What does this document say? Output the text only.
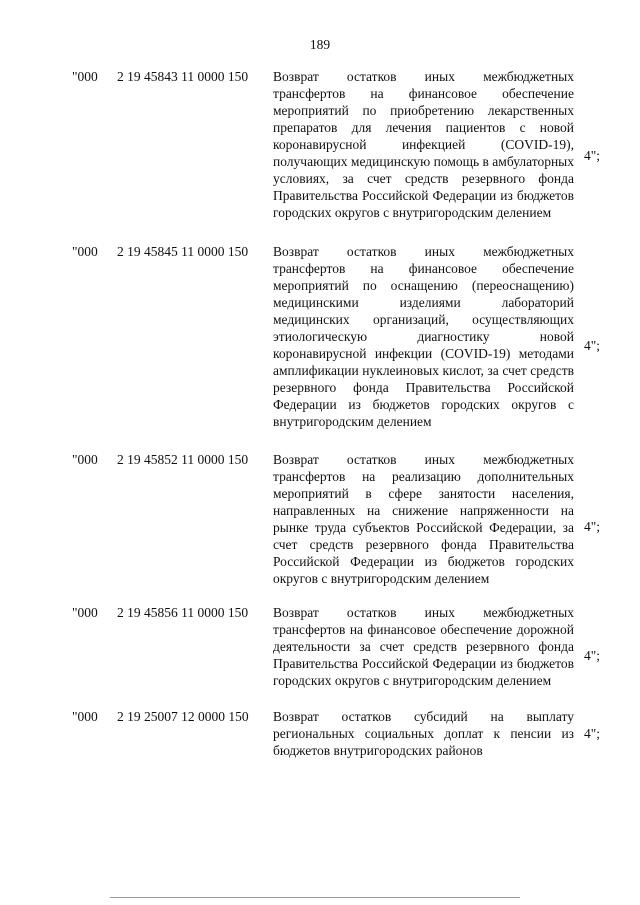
189
"000 2 19 45843 11 0000 150 Возврат остатков иных межбюджетных трансфертов на финансовое обеспечение мероприятий по приобретению лекарственных препаратов для лечения пациентов с новой коронавирусной инфекцией (COVID-19), получающих медицинскую помощь в амбулаторных условиях, за счет средств резервного фонда Правительства Российской Федерации из бюджетов городских округов с внутригородским делением
4";
"000 2 19 45845 11 0000 150 Возврат остатков иных межбюджетных трансфертов на финансовое обеспечение мероприятий по оснащению (переоснащению) медицинскими изделиями лабораторий медицинских организаций, осуществляющих этиологическую диагностику новой коронавирусной инфекции (COVID-19) методами амплификации нуклеиновых кислот, за счет средств резервного фонда Правительства Российской Федерации из бюджетов городских округов с внутригородским делением
4";
"000 2 19 45852 11 0000 150 Возврат остатков иных межбюджетных трансфертов на реализацию дополнительных мероприятий в сфере занятости населения, направленных на снижение напряженности на рынке труда субъектов Российской Федерации, за счет средств резервного фонда Правительства Российской Федерации из бюджетов городских округов с внутригородским делением
4";
"000 2 19 45856 11 0000 150 Возврат остатков иных межбюджетных трансфертов на финансовое обеспечение дорожной деятельности за счет средств резервного фонда Правительства Российской Федерации из бюджетов городских округов с внутригородским делением
4";
"000 2 19 25007 12 0000 150 Возврат остатков субсидий на выплату региональных социальных доплат к пенсии из бюджетов внутригородских районов
4";
